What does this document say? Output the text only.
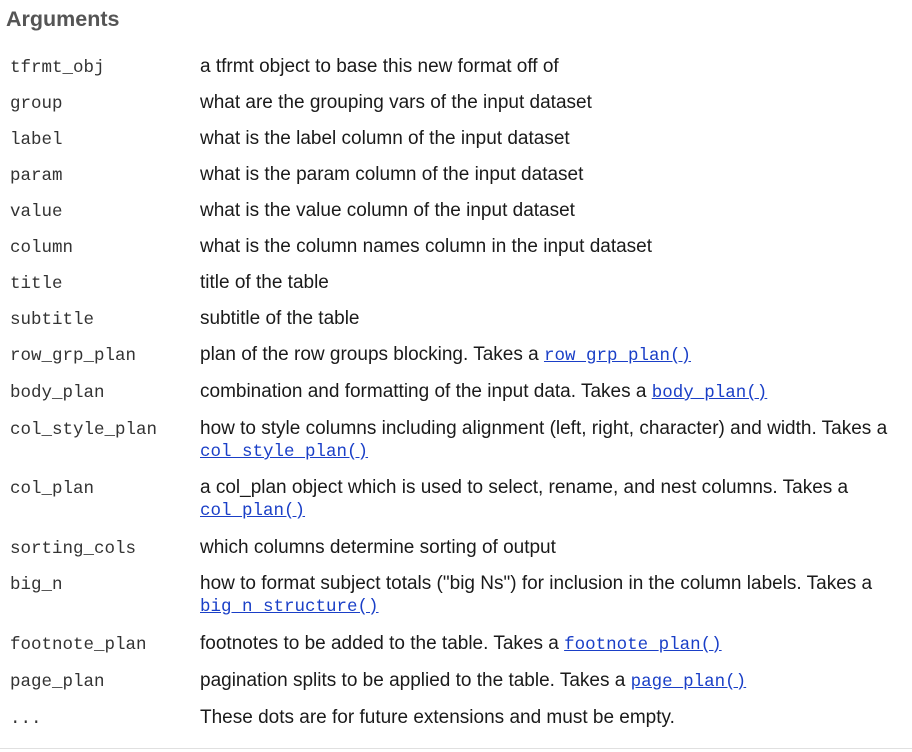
Arguments
tfrmt_obj	a tfrmt object to base this new format off of
group	what are the grouping vars of the input dataset
label	what is the label column of the input dataset
param	what is the param column of the input dataset
value	what is the value column of the input dataset
column	what is the column names column in the input dataset
title	title of the table
subtitle	subtitle of the table
row_grp_plan	plan of the row groups blocking. Takes a row_grp_plan()
body_plan	combination and formatting of the input data. Takes a body_plan()
col_style_plan	how to style columns including alignment (left, right, character) and width. Takes a col_style_plan()
col_plan	a col_plan object which is used to select, rename, and nest columns. Takes a col_plan()
sorting_cols	which columns determine sorting of output
big_n	how to format subject totals ("big Ns") for inclusion in the column labels. Takes a big_n_structure()
footnote_plan	footnotes to be added to the table. Takes a footnote_plan()
page_plan	pagination splits to be applied to the table. Takes a page_plan()
...	These dots are for future extensions and must be empty.
